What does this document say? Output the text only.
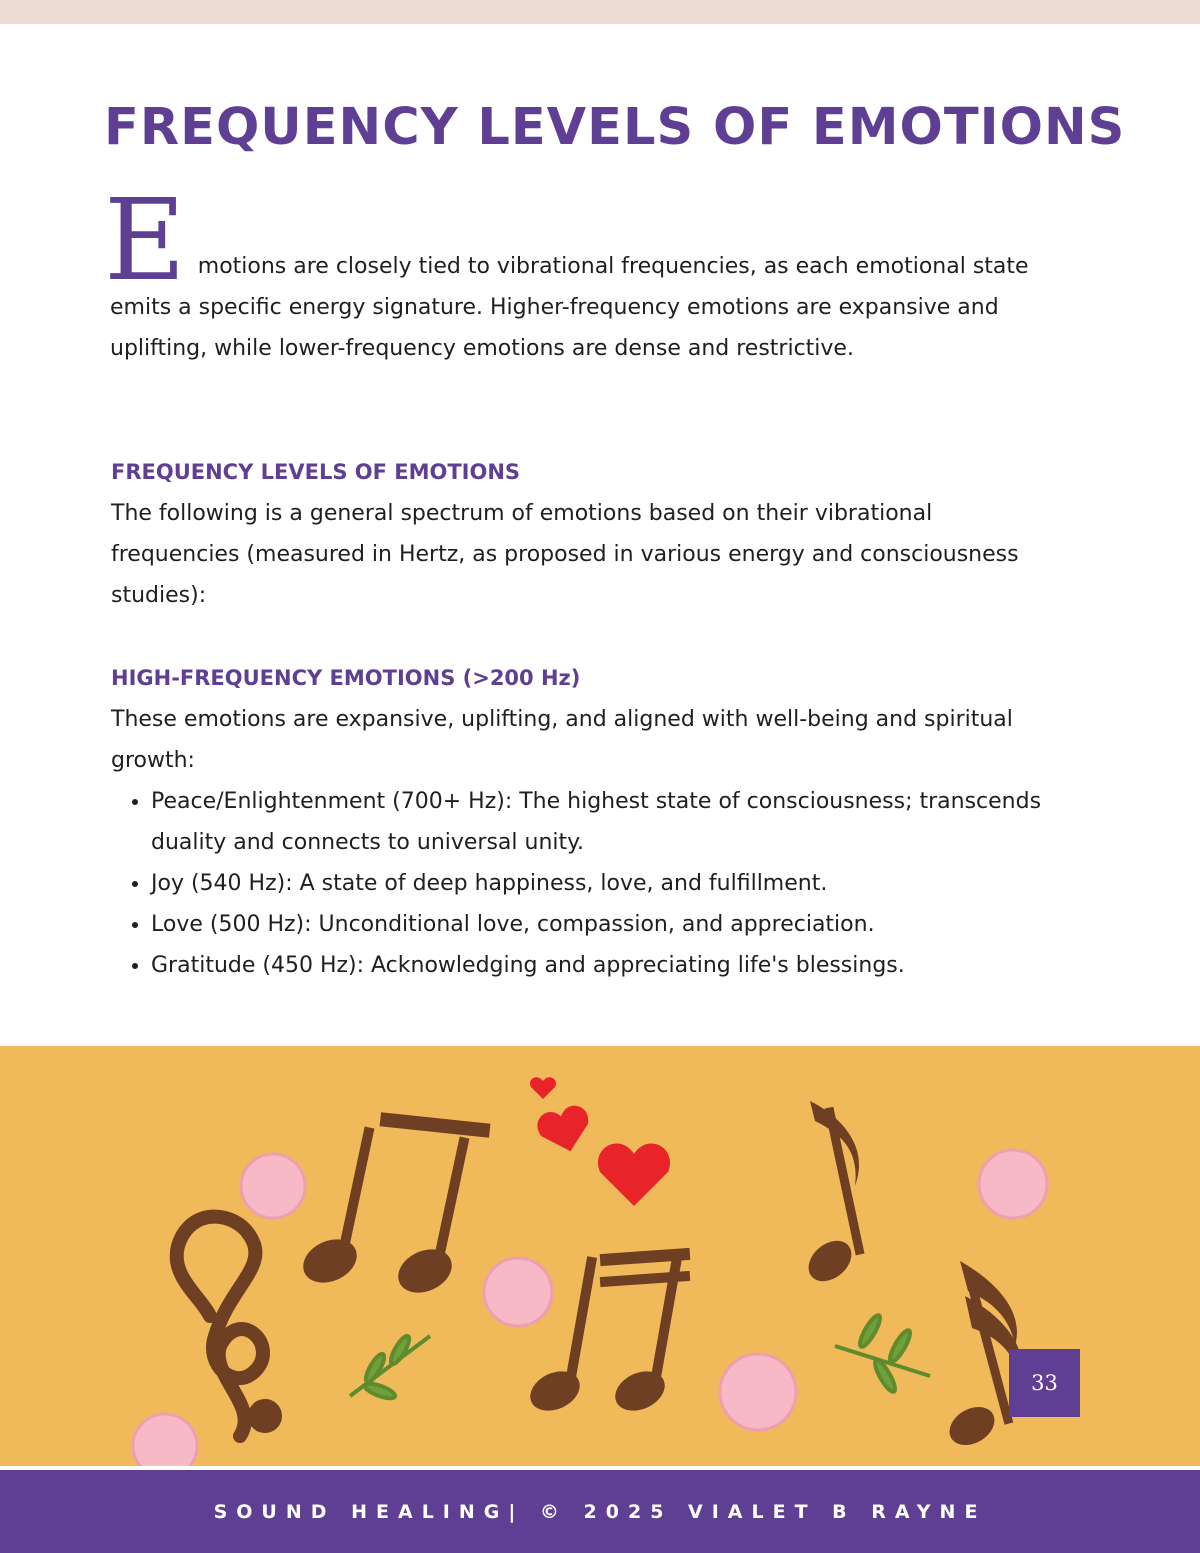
FREQUENCY LEVELS OF EMOTIONS
E motions are closely tied to vibrational frequencies, as each emotional state emits a specific energy signature. Higher-frequency emotions are expansive and uplifting, while lower-frequency emotions are dense and restrictive.

FREQUENCY LEVELS OF EMOTIONS

The following is a general spectrum of emotions based on their vibrational frequencies (measured in Hertz, as proposed in various energy and consciousness studies):

HIGH-FREQUENCY EMOTIONS (>200 Hz)

These emotions are expansive, uplifting, and aligned with well-being and spiritual growth:

• Peace/Enlightenment (700+ Hz): The highest state of consciousness; transcends duality and connects to universal unity.
• Joy (540 Hz): A state of deep happiness, love, and fulfillment.
• Love (500 Hz): Unconditional love, compassion, and appreciation.
• Gratitude (450 Hz): Acknowledging and appreciating life's blessings.
33
SOUND HEALING| © 2025 VIALET B RAYNE
